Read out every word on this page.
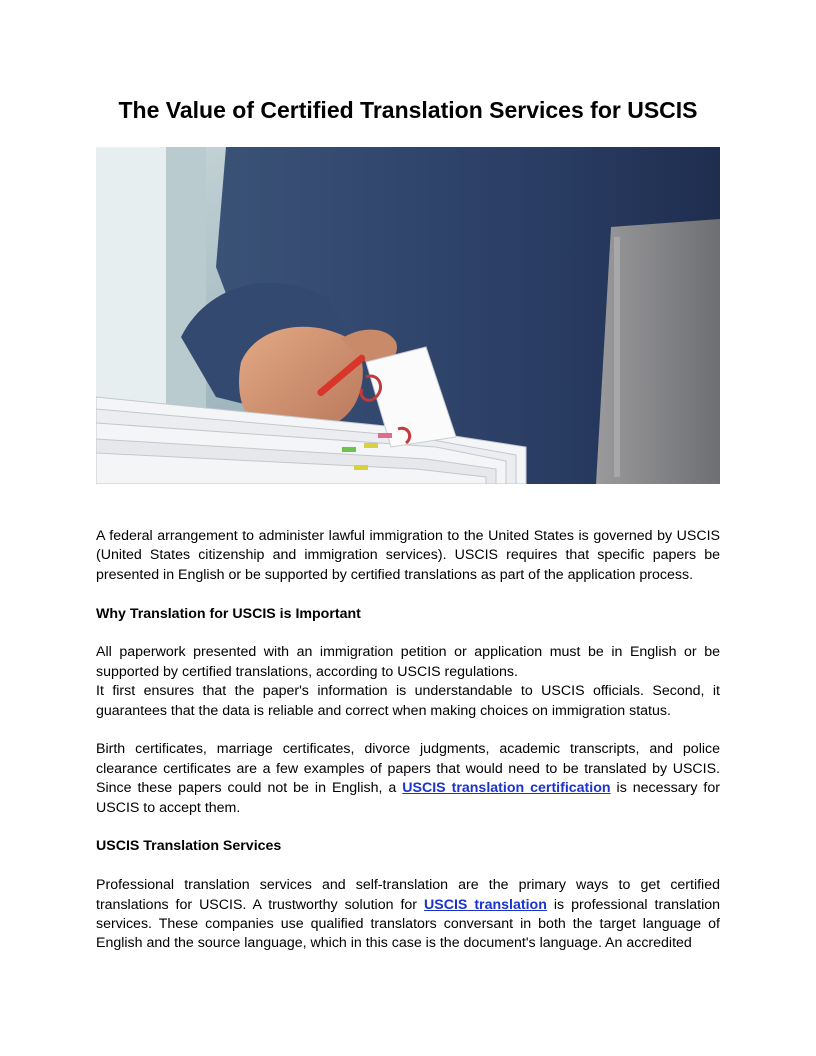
The Value of Certified Translation Services for USCIS

A federal arrangement to administer lawful immigration to the United States is governed by USCIS (United States citizenship and immigration services). USCIS requires that specific papers be presented in English or be supported by certified translations as part of the application process.

Why Translation for USCIS is Important

All paperwork presented with an immigration petition or application must be in English or be supported by certified translations, according to USCIS regulations.

It first ensures that the paper's information is understandable to USCIS officials. Second, it guarantees that the data is reliable and correct when making choices on immigration status.

Birth certificates, marriage certificates, divorce judgments, academic transcripts, and police clearance certificates are a few examples of papers that would need to be translated by USCIS. Since these papers could not be in English, a USCIS translation certification is necessary for USCIS to accept them.

USCIS Translation Services

Professional translation services and self-translation are the primary ways to get certified translations for USCIS. A trustworthy solution for USCIS translation is professional translation services. These companies use qualified translators conversant in both the target language of English and the source language, which in this case is the document's language. An accredited
